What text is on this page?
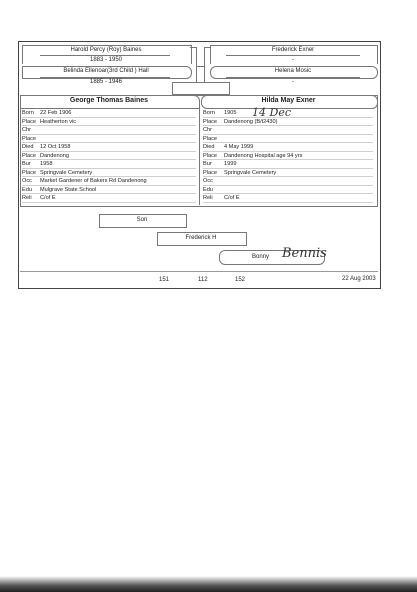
Harold Percy (Roy) Baines
1883 - 1950
Belinda Ellenoar(3rd Child ) Hall
1885 - 1946
Frederick Exner
-
Helena Mosic
-
George Thomas Baines	Hilda May Exner
Born 22 Feb 1906
Place Heatherton vic
Chr
Place
Died 12 Oct 1958
Place Dandenong
Bur 1958
Place Springvale Cemetery
Occ Market Gardener of Bakers Rd Dandenong
Edu Mulgrave State School
Reli C/of E
Born 1905
Place Dandenong (B/t2430)
Chr
Place
Died 4 May 1999
Place Dandenong Hospital age 94 yrs
Bur 1999
Place Springvale Cemetery
Occ
Edu
Reli C/of E
14 Dec
Son
Frederick H
Bonny Bennis
151	112	152	22 Aug 2003
